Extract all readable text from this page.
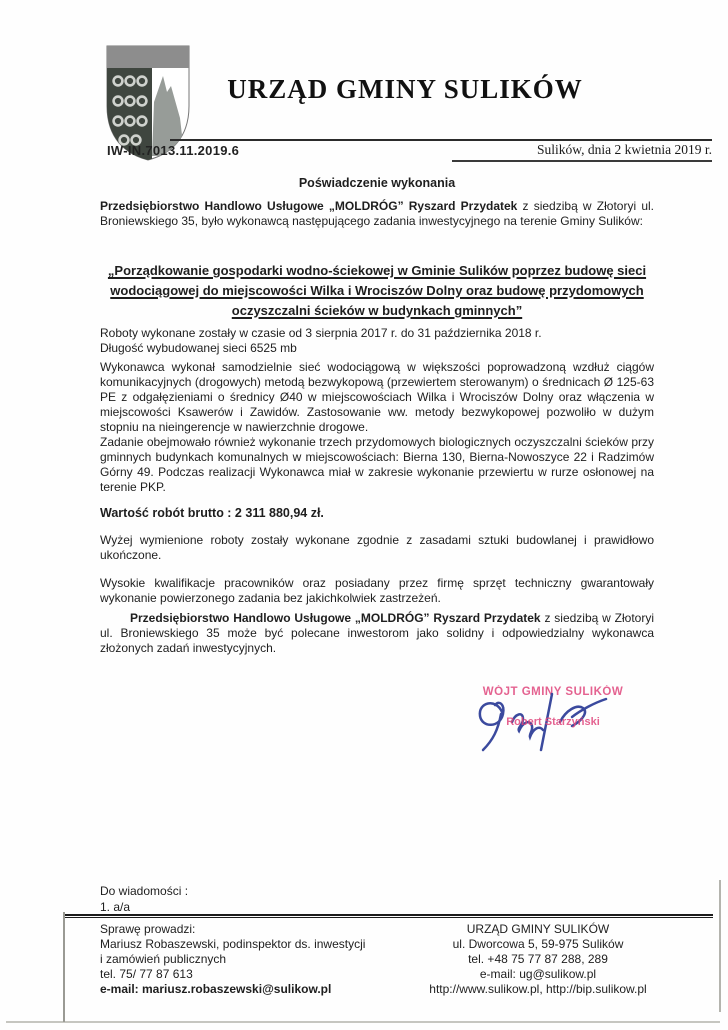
URZĄD GMINY SULIKÓW
IW-IN.7013.11.2019.6	Sulików, dnia 2 kwietnia 2019 r.
Poświadczenie wykonania
Przedsiębiorstwo Handlowo Usługowe „MOLDRÓG” Ryszard Przydatek z siedzibą w Złotoryi ul. Broniewskiego 35, było wykonawcą następującego zadania inwestycyjnego na terenie Gminy Sulików:
„Porządkowanie gospodarki wodno-ściekowej w Gminie Sulików poprzez budowę sieci wodociągowej do miejscowości Wilka i Wrociszów Dolny oraz budowę przydomowych oczyszczalni ścieków w budynkach gminnych”
Roboty wykonane zostały w czasie od 3 sierpnia 2017 r. do 31 października 2018 r.
Długość wybudowanej sieci 6525 mb
Wykonawca wykonał samodzielnie sieć wodociągową w większości poprowadzoną wzdłuż ciągów komunikacyjnych (drogowych) metodą bezwykopową (przewiertem sterowanym) o średnicach Ø 125-63 PE z odgałęzieniami o średnicy Ø40 w miejscowościach Wilka i Wrociszów Dolny oraz włączenia w miejscowości Ksawerów i Zawidów. Zastosowanie ww. metody bezwykopowej pozwoliło w dużym stopniu na nieingerencje w nawierzchnie drogowe.
Zadanie obejmowało również wykonanie trzech przydomowych biologicznych oczyszczalni ścieków przy gminnych budynkach komunalnych w miejscowościach: Bierna 130, Bierna-Nowoszyce 22 i Radzimów Górny 49. Podczas realizacji Wykonawca miał w zakresie wykonanie przewiertu w rurze osłonowej na terenie PKP.
Wartość robót brutto : 2 311 880,94 zł.
Wyżej wymienione roboty zostały wykonane zgodnie z zasadami sztuki budowlanej i prawidłowo ukończone.
Wysokie kwalifikacje pracowników oraz posiadany przez firmę sprzęt techniczny gwarantowały wykonanie powierzonego zadania bez jakichkolwiek zastrzeżeń.
Przedsiębiorstwo Handlowo Usługowe „MOLDRÓG” Ryszard Przydatek z siedzibą w Złotoryi ul. Broniewskiego 35 może być polecane inwestorom jako solidny i odpowiedzialny wykonawca złożonych zadań inwestycyjnych.
WÓJT GMINY SULIKÓW
Robert Starzyński
Do wiadomości :
1. a/a
Sprawę prowadzi:
Mariusz Robaszewski, podinspektor ds. inwestycji
i zamówień publicznych
tel. 75/ 77 87 613
e-mail: mariusz.robaszewski@sulikow.pl
URZĄD GMINY SULIKÓW
ul. Dworcowa 5, 59-975 Sulików
tel. +48 75 77 87 288, 289
e-mail: ug@sulikow.pl
http://www.sulikow.pl, http://bip.sulikow.pl
